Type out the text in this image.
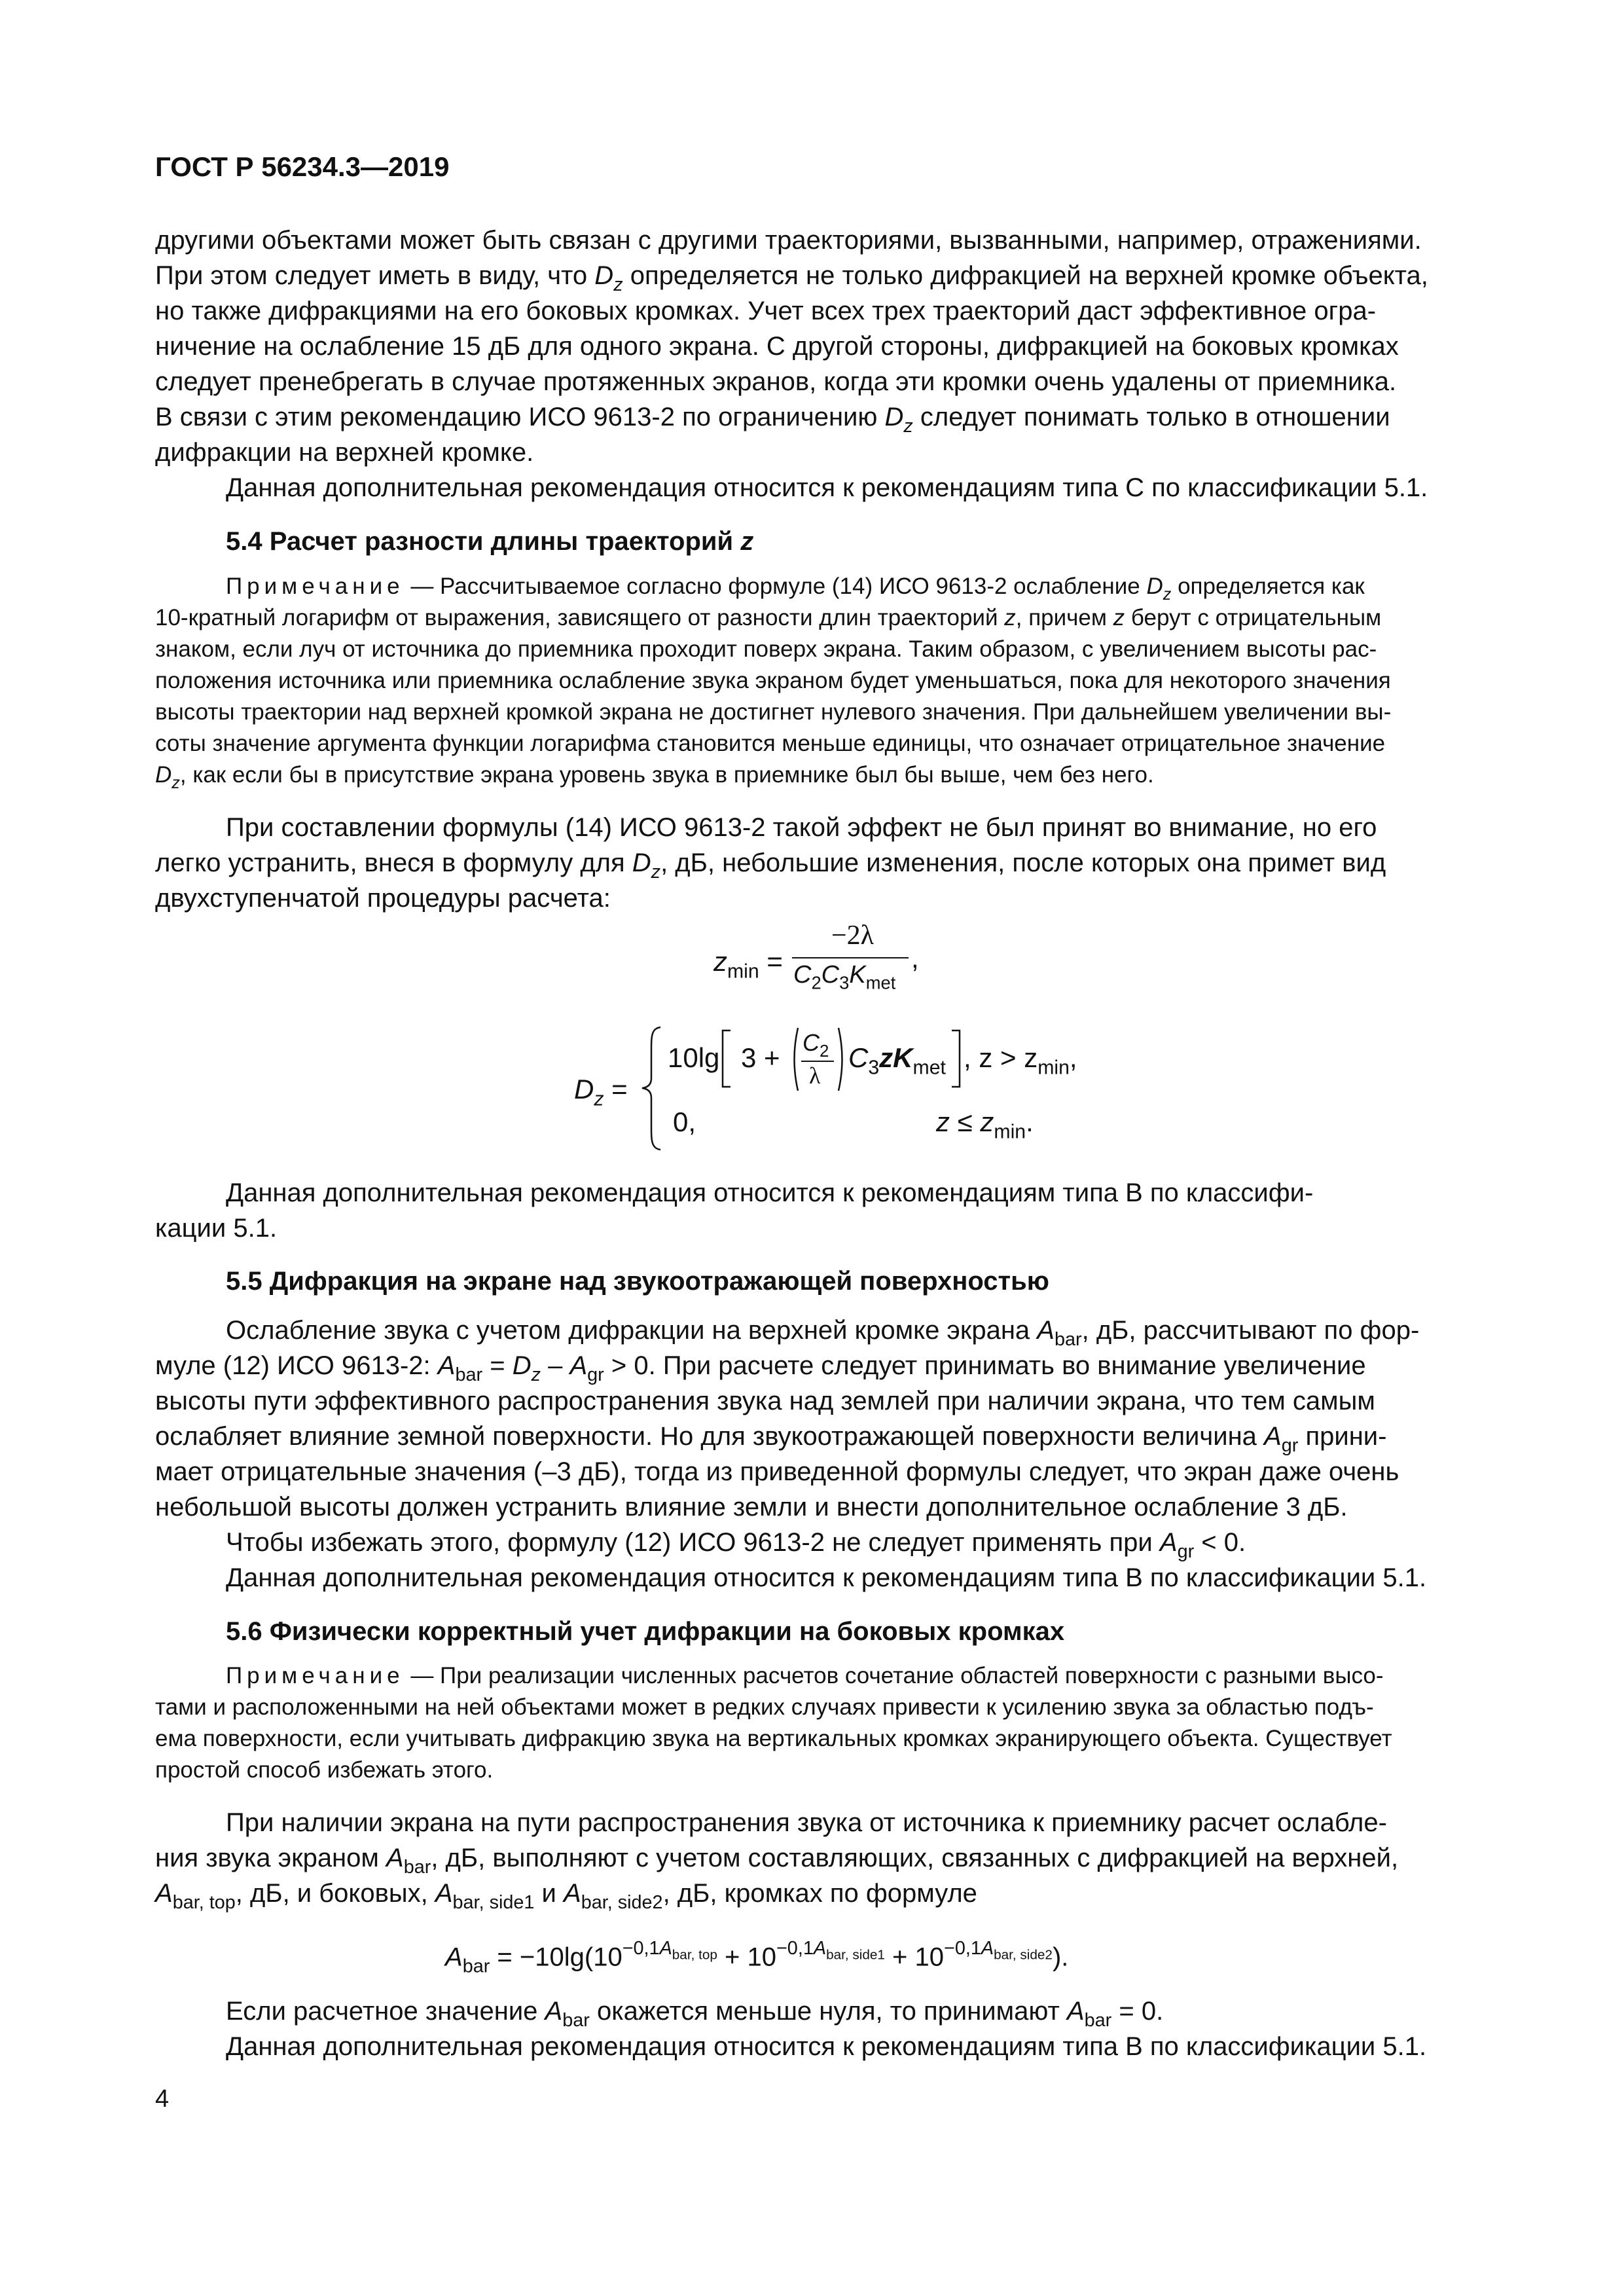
ГОСТ Р 56234.3—2019
другими объектами может быть связан с другими траекториями, вызванными, например, отражениями.
При этом следует иметь в виду, что $D_z$ определяется не только дифракцией на верхней кромке объекта,
но также дифракциями на его боковых кромках. Учет всех трех траекторий даст эффективное огра-
ничение на ослабление 15 дБ для одного экрана. С другой стороны, дифракцией на боковых кромках
следует пренебрегать в случае протяженных экранов, когда эти кромки очень удалены от приемника.
В связи с этим рекомендацию ИСО 9613-2 по ограничению $D_z$ следует понимать только в отношении
дифракции на верхней кромке.
Данная дополнительная рекомендация относится к рекомендациям типа С по классификации 5.1.
5.4 Расчет разности длины траекторий z
Примечание — Рассчитываемое согласно формуле (14) ИСО 9613-2 ослабление $D_z$ определяется как
10-кратный логарифм от выражения, зависящего от разности длин траекторий z, причем z берут с отрицательным
знаком, если луч от источника до приемника проходит поверх экрана. Таким образом, с увеличением высоты рас-
положения источника или приемника ослабление звука экраном будет уменьшаться, пока для некоторого значения
высоты траектории над верхней кромкой экрана не достигнет нулевого значения. При дальнейшем увеличении вы-
соты значение аргумента функции логарифма становится меньше единицы, что означает отрицательное значение
$D_z$, как если бы в присутствие экрана уровень звука в приемнике был бы выше, чем без него.
При составлении формулы (14) ИСО 9613-2 такой эффект не был принят во внимание, но его
легко устранить, внеся в формулу для $D_z$, дБ, небольшие изменения, после которых она примет вид
двухступенчатой процедуры расчета:
$z_{min}$ =
−2λ
$C_2C_3K_{met}$
,
$D_z$ =
10lg $3 + C_2$
λ
$C_3zK_{met}$ , $z > z_{min}$,
0,	$z \le z_{min}$.
Данная дополнительная рекомендация относится к рекомендациям типа В по классифи-
кации 5.1.
5.5 Дифракция на экране над звукоотражающей поверхностью
Ослабление звука с учетом дифракции на верхней кромке экрана $A_{bar}$, дБ, рассчитывают по фор-
муле (12) ИСО 9613-2: $A_{bar} = D_z - A_{gr} > 0$. При расчете следует принимать во внимание увеличение
высоты пути эффективного распространения звука над землей при наличии экрана, что тем самым
ослабляет влияние земной поверхности. Но для звукоотражающей поверхности величина $A_{gr}$ прини-
мает отрицательные значения (–3 дБ), тогда из приведенной формулы следует, что экран даже очень
небольшой высоты должен устранить влияние земли и внести дополнительное ослабление 3 дБ.
Чтобы избежать этого, формулу (12) ИСО 9613-2 не следует применять при $A_{gr} < 0$.
Данная дополнительная рекомендация относится к рекомендациям типа В по классификации 5.1.
5.6 Физически корректный учет дифракции на боковых кромках
Примечание — При реализации численных расчетов сочетание областей поверхности с разными высо-
тами и расположенными на ней объектами может в редких случаях привести к усилению звука за областью подъ-
ема поверхности, если учитывать дифракцию звука на вертикальных кромках экранирующего объекта. Существует
простой способ избежать этого.
При наличии экрана на пути распространения звука от источника к приемнику расчет ослабле-
ния звука экраном $A_{bar}$, дБ, выполняют с учетом составляющих, связанных с дифракцией на верхней,
$A_{bar, top}$, дБ, и боковых, $A_{bar, side1}$ и $A_{bar, side2}$, дБ, кромках по формуле
$A_{bar} = -10\lg(10^{-0,1A_{bar, top}} + 10^{-0,1A_{bar, side1}} + 10^{-0,1A_{bar, side2}})$.
Если расчетное значение $A_{bar}$ окажется меньше нуля, то принимают $A_{bar} = 0$.
Данная дополнительная рекомендация относится к рекомендациям типа В по классификации 5.1.
4
